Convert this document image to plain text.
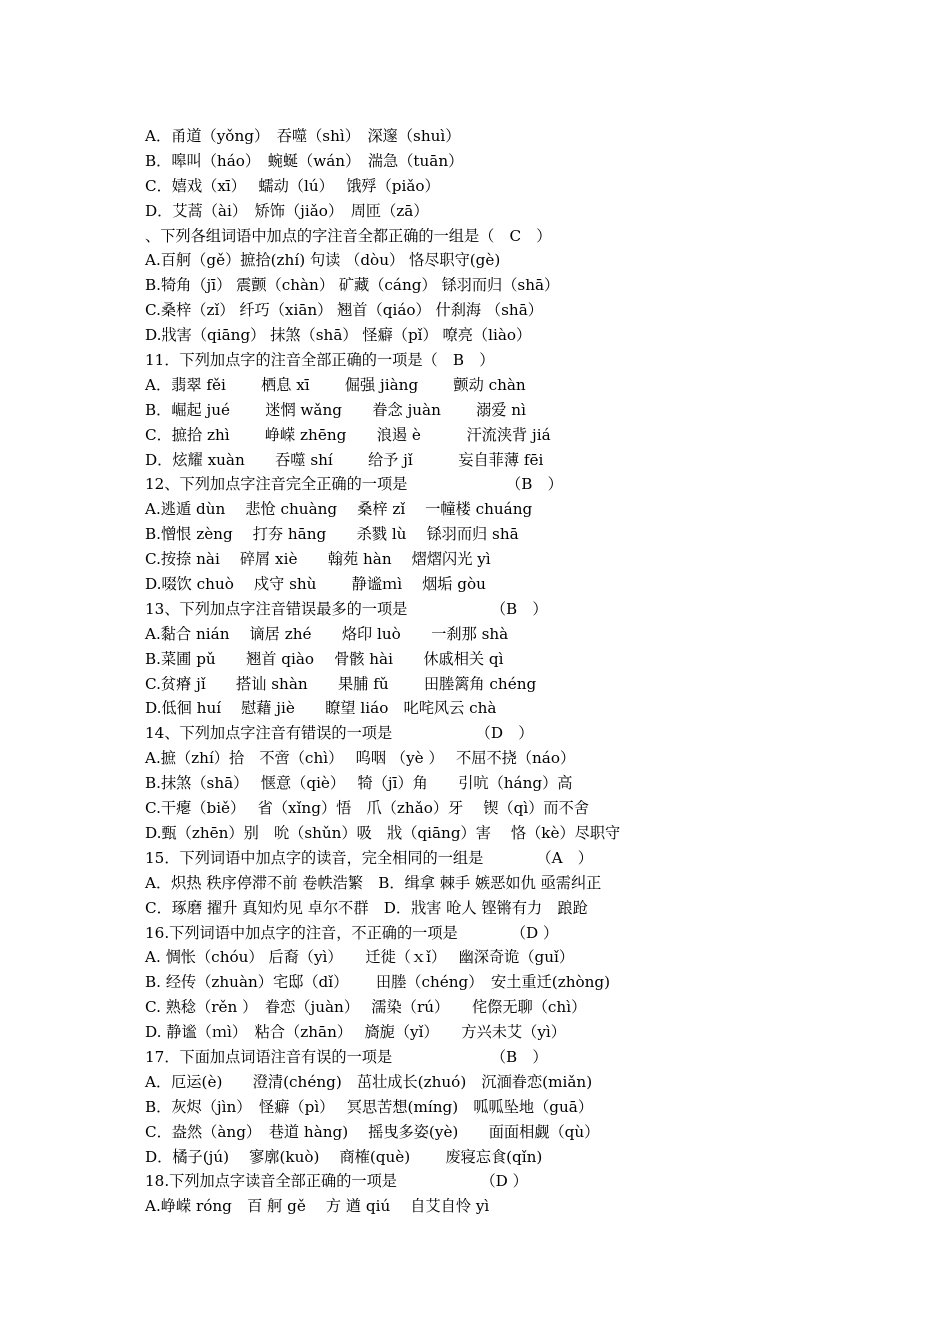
A．甬道（yǒng）　吞噬（shì）　深邃（shuì）
B．嗥叫（háo）　蜿蜒（wán）　湍急（tuān）
C．嬉戏（xī）　 蠕动（lú）　 饿殍（piǎo）
D．艾蒿（ài）　矫饰（jiǎo）　周匝（zā）
、下列各组词语中加点的字注音全都正确的一组是（　C　）
A.百舸（gě）摭拾(zhí) 句读 （dòu） 恪尽职守(gè)
B.犄角（jī） 震颤（chàn） 矿藏（cáng） 铩羽而归（shā）
C.桑梓（zǐ） 纤巧（xiān） 翘首（qiáo） 什刹海 （shā）
D.戕害（qiāng） 抹煞（shā） 怪癖（pǐ） 嘹亮（liào）
11．下列加点字的注音全部正确的一项是（　B　）
A．翡翠 fěi　　 栖息 xī　　 倔强 jiàng　　 颤动 chàn
B．崛起 jué　　 迷惘 wǎng　　眷念 juàn　　 溺爱 nì
C．摭拾 zhì　　 峥嵘 zhēng　　浪遏 è　　　汗流浃背 jiá
D．炫耀 xuàn　　吞噬 shí　　 给予 jǐ　　　妄自菲薄 fēi
12、下列加点字注音完全正确的一项是　　　　　　　（B　）
A.逃遁 dùn　 悲怆 chuàng　 桑梓 zǐ　 一幢楼 chuáng
B.憎恨 zèng　 打夯 hāng　　杀戮 lù　 铩羽而归 shā
C.按捺 nài　 碎屑 xiè　　翰苑 hàn　 熠熠闪光 yì
D.啜饮 chuò　 戍守 shù　　 静谧ｍì　 烟垢 gòu
13、下列加点字注音错误最多的一项是　　　　　　（B　）
A.黏合 nián　 谪居 zhé　　烙印 luò　　一刹那 shà
B.菜圃 pǔ　　翘首 qiào　 骨骸 hài　　休戚相关 qì
C.贫瘠 jǐ　　搭讪 shàn　　果脯 fǔ　　 田塍篱角 chéng
D.低徊 huí　 慰藉 jiè　　瞭望 liáo　叱咤风云 chà
14、下列加点字注音有错误的一项是　　　　　　（D　）
A.摭（zhí）拾　不啻（chì）　 呜咽 （yè ）　 不屈不挠（náo）
B.抹煞（shā）　 惬意（qiè）　 犄（jī）角　　引吭（háng）高
C.干瘪（biě）　 省（xǐng）悟　爪（zhǎo）牙　 锲（qì）而不舍
D.甄（zhēn）别　吮（shǔn）吸　戕（qiāng）害　 恪（kè）尽职守
15．下列词语中加点字的读音，完全相同的一组是　　　　（A　）
A．炽热 秩序停滞不前 卷帙浩繁　B．缉拿 棘手 嫉恶如仇 亟需纠正
C．琢磨 擢升 真知灼见 卓尔不群　D．戕害 呛人 铿锵有力　踉跄
16.下列词语中加点字的注音，不正确的一项是　　　　（D ）
A. 惆怅（chóu） 后裔（yì）　　迁徙（ｘǐ）　 幽深奇诡（guǐ）
B. 经传（zhuàn）宅邸（dǐ）　　 田塍（chéng）　安土重迁(zhòng)
C. 熟稔（rěn ）　眷恋（juàn）　 濡染（rú）　　侘傺无聊（chì）
D. 静谧（ｍì）　粘合（zhān）　 旖旎（yǐ）　　方兴未艾（yì）
17．下面加点词语注音有误的一项是　　　　　　　（B　）
A．厄运(è)　　澄清(chéng)　茁壮成长(zhuó)　沉湎眷恋(miǎn)
B．灰烬（jìn）　怪癖（pì）　 冥思苦想(míng)　呱呱坠地（guā）
C．盎然（àng）　巷道 hàng)　 摇曳多姿(yè)　　面面相觑（qù）
D．橘子(jú)　 寥廓(kuò)　 商榷(què)　　 废寝忘食(qǐn)
18.下列加点字读音全部正确的一项是　　　　　　（D ）
A.峥嵘 róng　百 舸 gě　 方 遒 qiú　 自艾自怜 yì
